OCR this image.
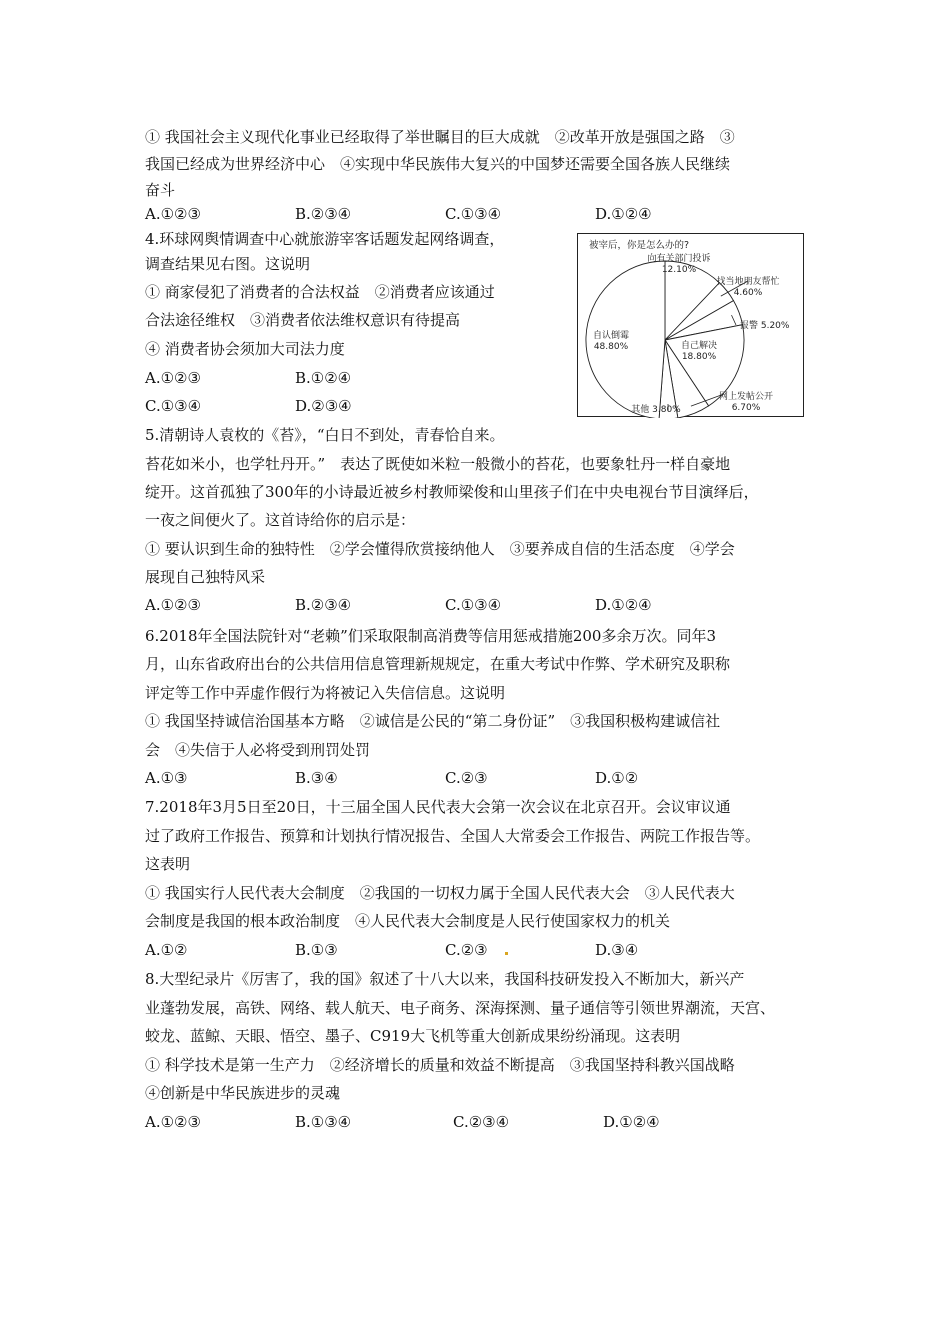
① 我国社会主义现代化事业已经取得了举世瞩目的巨大成就　②改革开放是强国之路　③
我国已经成为世界经济中心　④实现中华民族伟大复兴的中国梦还需要全国各族人民继续
奋斗
A.①②③	B.②③④	C.①③④	D.①②④
4.环球网舆情调查中心就旅游宰客话题发起网络调查，
调查结果见右图。这说明
① 商家侵犯了消费者的合法权益　②消费者应该通过
合法途径维权　③消费者依法维权意识有待提高
④ 消费者协会须加大司法力度
A.①②③	B.①②④
C.①③④	D.②③④
被宰后，你是怎么办的?
向有关部门投诉
12.10%
找当地朋友帮忙
4.60%
报警 5.20%
自己解决
18.80%
网上发帖公开
6.70%
其他 3.80%
自认倒霉
48.80%
5.清朝诗人袁枚的《苔》，“白日不到处，青春恰自来。
苔花如米小，也学牡丹开。”　表达了既使如米粒一般微小的苔花，也要象牡丹一样自豪地
绽开。这首孤独了300年的小诗最近被乡村教师梁俊和山里孩子们在中央电视台节目演绎后，
一夜之间便火了。这首诗给你的启示是：
① 要认识到生命的独特性　②学会懂得欣赏接纳他人　③要养成自信的生活态度　④学会
展现自己独特风采
A.①②③	B.②③④	C.①③④	D.①②④
6.2018年全国法院针对“老赖”们采取限制高消费等信用惩戒措施200多余万次。同年3
月，山东省政府出台的公共信用信息管理新规规定，在重大考试中作弊、学术研究及职称
评定等工作中弄虚作假行为将被记入失信信息。这说明
① 我国坚持诚信治国基本方略　②诚信是公民的“第二身份证”　③我国积极构建诚信社
会　④失信于人必将受到刑罚处罚
A.①③	B.③④	C.②③	D.①②
7.2018年3月5日至20日，十三届全国人民代表大会第一次会议在北京召开。会议审议通
过了政府工作报告、预算和计划执行情况报告、全国人大常委会工作报告、两院工作报告等。
这表明
① 我国实行人民代表大会制度　②我国的一切权力属于全国人民代表大会　③人民代表大
会制度是我国的根本政治制度　④人民代表大会制度是人民行使国家权力的机关
A.①②	B.①③	C.②③	D.③④
8.大型纪录片《厉害了，我的国》叙述了十八大以来，我国科技研发投入不断加大，新兴产
业蓬勃发展，高铁、网络、载人航天、电子商务、深海探测、量子通信等引领世界潮流，天宫、
蛟龙、蓝鲸、天眼、悟空、墨子、C919大飞机等重大创新成果纷纷涌现。这表明
① 科学技术是第一生产力　②经济增长的质量和效益不断提高　③我国坚持科教兴国战略
④创新是中华民族进步的灵魂
A.①②③	B.①③④	C.②③④	D.①②④
